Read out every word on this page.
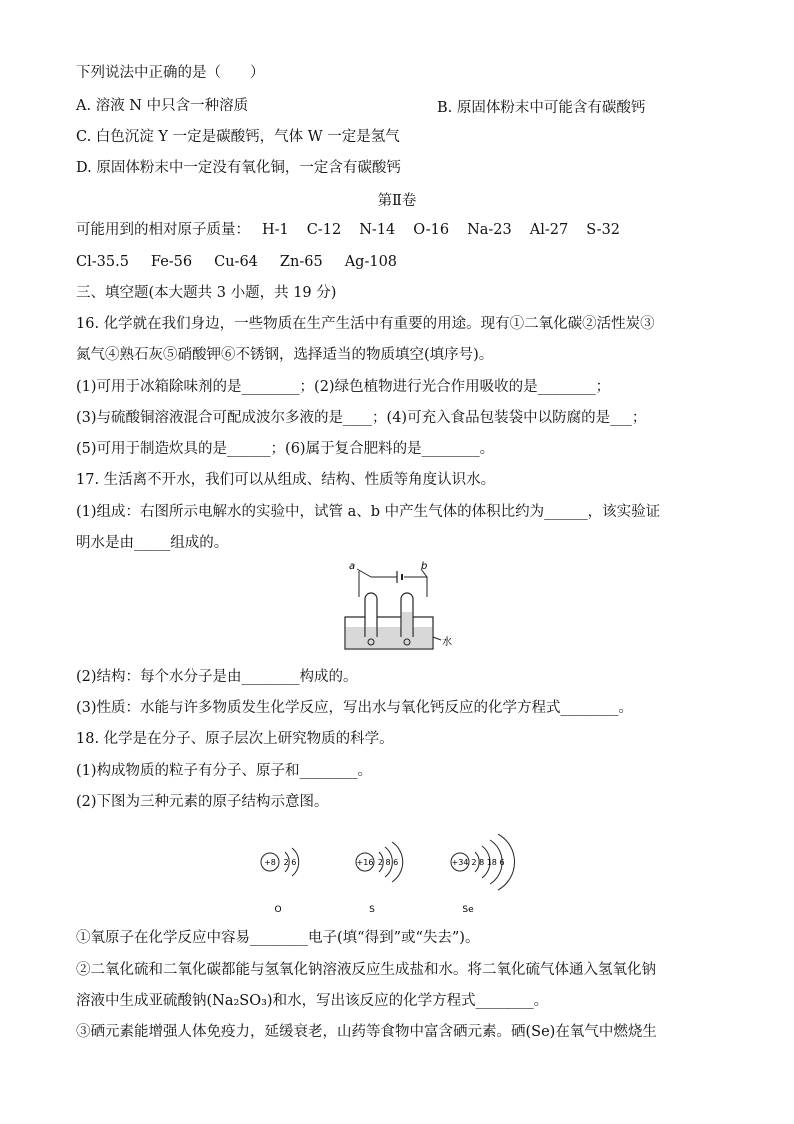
下列说法中正确的是（　　）
A. 溶液 N 中只含一种溶质	B. 原固体粉末中可能含有碳酸钙
C. 白色沉淀 Y 一定是碳酸钙，气体 W 一定是氢气
D. 原固体粉末中一定没有氧化铜，一定含有碳酸钙
第Ⅱ卷
可能用到的相对原子质量： H-1 C-12 N-14 O-16 Na-23 Al-27 S-32
Cl-35.5 Fe-56 Cu-64 Zn-65 Ag-108
三、填空题(本大题共 3 小题，共 19 分)
16. 化学就在我们身边，一些物质在生产生活中有重要的用途。现有①二氧化碳②活性炭③
氮气④熟石灰⑤硝酸钾⑥不锈钢，选择适当的物质填空(填序号)。
(1)可用于冰箱除味剂的是________；(2)绿色植物进行光合作用吸收的是________；
(3)与硫酸铜溶液混合可配成波尔多液的是____；(4)可充入食品包装袋中以防腐的是___；
(5)可用于制造炊具的是______；(6)属于复合肥料的是________。
17. 生活离不开水，我们可以从组成、结构、性质等角度认识水。
(1)组成：右图所示电解水的实验中，试管 a、b 中产生气体的体积比约为______，该实验证
明水是由_____组成的。
a	b
水
(2)结构：每个水分子是由________构成的。
(3)性质：水能与许多物质发生化学反应，写出水与氧化钙反应的化学方程式________。
18. 化学是在分子、原子层次上研究物质的科学。
(1)构成物质的粒子有分子、原子和________。
(2)下图为三种元素的原子结构示意图。
+8 2 6
O
+16 2 8 6
S
+34 2 8 18 6
Se
①氧原子在化学反应中容易________电子(填“得到”或“失去”)。
②二氧化硫和二氧化碳都能与氢氧化钠溶液反应生成盐和水。将二氧化硫气体通入氢氧化钠
溶液中生成亚硫酸钠(Na₂SO₃)和水，写出该反应的化学方程式________。
③硒元素能增强人体免疫力，延缓衰老，山药等食物中富含硒元素。硒(Se)在氧气中燃烧生
